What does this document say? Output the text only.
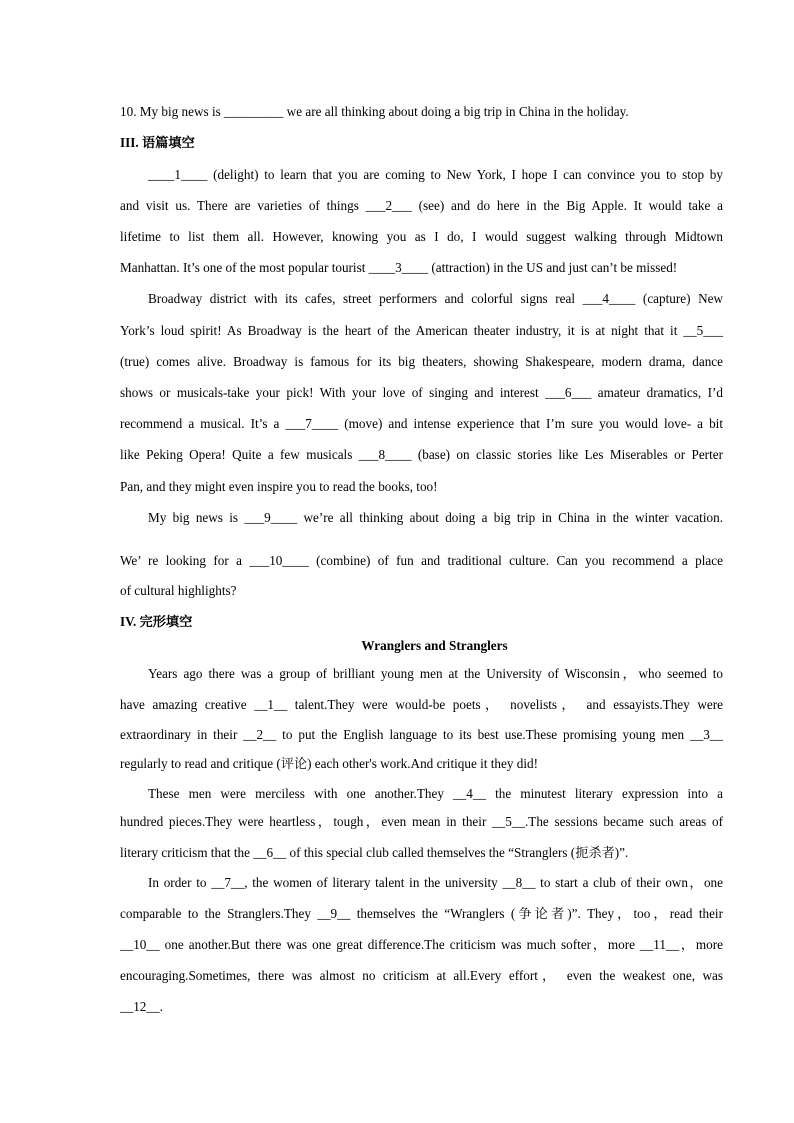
10. My big news is _________ we are all thinking about doing a big trip in China in the holiday.
III. 语篇填空
____1____ (delight) to learn that you are coming to New York, I hope I can convince you to stop by
and visit us. There are varieties of things ___2___ (see) and do here in the Big Apple. It would take a
lifetime to list them all. However, knowing you as I do, I would suggest walking through Midtown
Manhattan. It’s one of the most popular tourist ____3____ (attraction) in the US and just can’t be missed!
Broadway district with its cafes, street performers and colorful signs real ___4____ (capture) New
York’s loud spirit! As Broadway is the heart of the American theater industry, it is at night that it __5___
(true) comes alive. Broadway is famous for its big theaters, showing Shakespeare, modern drama, dance
shows or musicals-take your pick! With your love of singing and interest ___6___ amateur dramatics, I’d
recommend a musical. It’s a ___7____ (move) and intense experience that I’m sure you would love- a bit
like Peking Opera! Quite a few musicals ___8____ (base) on classic stories like Les Miserables or Perter
Pan, and they might even inspire you to read the books, too!
My big news is ___9____ we’re all thinking about doing a big trip in China in the winter vacation.
We’ re looking for a ___10____ (combine) of fun and traditional culture. Can you recommend a place
of cultural highlights?
IV. 完形填空
Wranglers and Stranglers
Years ago there was a group of brilliant young men at the University of Wisconsin，who seemed to
have amazing creative __1__ talent.They were would-be poets， novelists， and essayists.They were
extraordinary in their __2__ to put the English language to its best use.These promising young men __3__
regularly to read and critique (评论) each other's work.And critique it they did!
These men were merciless with one another.They __4__ the minutest literary expression into a
hundred pieces.They were heartless，tough，even mean in their __5__.The sessions became such areas of
literary criticism that the __6__ of this special club called themselves the “Stranglers (扼杀者)”.
In order to __7__, the women of literary talent in the university __8__ to start a club of their own，one
comparable to the Stranglers.They __9__ themselves the “Wranglers (争论者)”. They，too，read their
__10__ one another.But there was one great difference.The criticism was much softer，more __11__，more
encouraging.Sometimes, there was almost no criticism at all.Every effort， even the weakest one, was
__12__.
